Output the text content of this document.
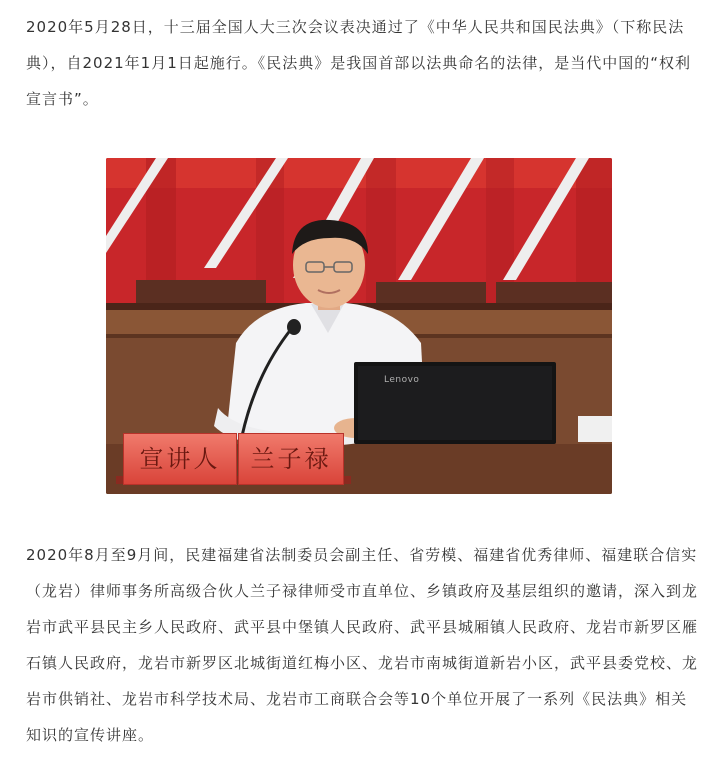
2020年5月28日，十三届全国人大三次会议表决通过了《中华人民共和国民法典》（下称民法典），自2021年1月1日起施行。《民法典》是我国首部以法典命名的法律，是当代中国的“权利宣言书”。

宣讲人	兰子禄
Lenovo

2020年8月至9月间，民建福建省法制委员会副主任、省劳模、福建省优秀律师、福建联合信实（龙岩）律师事务所高级合伙人兰子禄律师受市直单位、乡镇政府及基层组织的邀请，深入到龙岩市武平县民主乡人民政府、武平县中堡镇人民政府、武平县城厢镇人民政府、龙岩市新罗区雁石镇人民政府，龙岩市新罗区北城街道红梅小区、龙岩市南城街道新岩小区，武平县委党校、龙岩市供销社、龙岩市科学技术局、龙岩市工商联合会等10个单位开展了一系列《民法典》相关知识的宣传讲座。
